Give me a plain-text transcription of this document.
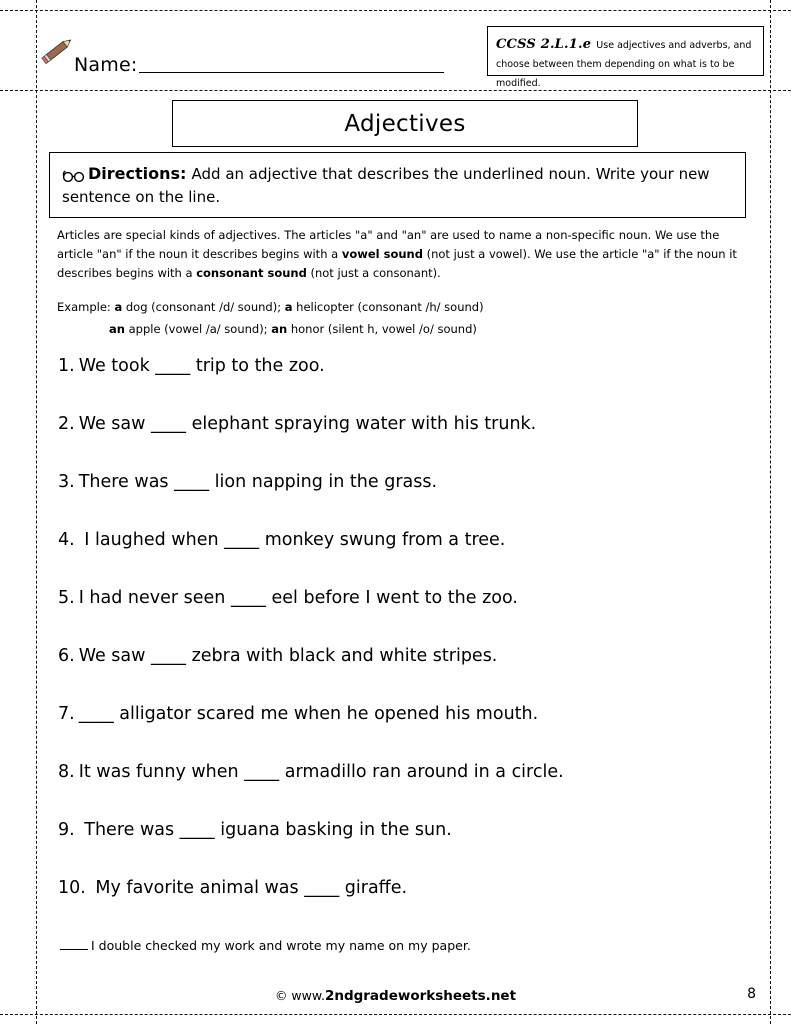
CCSS 2.L.1.e Use adjectives and adverbs, and choose between them depending on what is to be modified.
Name:
Adjectives
Directions: Add an adjective that describes the underlined noun. Write your new sentence on the line.
Articles are special kinds of adjectives. The articles "a" and "an" are used to name a non-specific noun. We use the article "an" if the noun it describes begins with a vowel sound (not just a vowel). We use the article "a" if the noun it describes begins with a consonant sound (not just a consonant).
Example: a dog (consonant /d/ sound); a helicopter (consonant /h/ sound)
an apple (vowel /a/ sound); an honor (silent h, vowel /o/ sound)
1. We took ____ trip to the zoo.
2. We saw ____ elephant spraying water with his trunk.
3. There was ____ lion napping in the grass.
4. I laughed when ____ monkey swung from a tree.
5. I had never seen ____ eel before I went to the zoo.
6. We saw ____ zebra with black and white stripes.
7. ____ alligator scared me when he opened his mouth.
8. It was funny when ____ armadillo ran around in a circle.
9. There was ____ iguana basking in the sun.
10. My favorite animal was ____ giraffe.
I double checked my work and wrote my name on my paper.
© www.2ndgradeworksheets.net	8
